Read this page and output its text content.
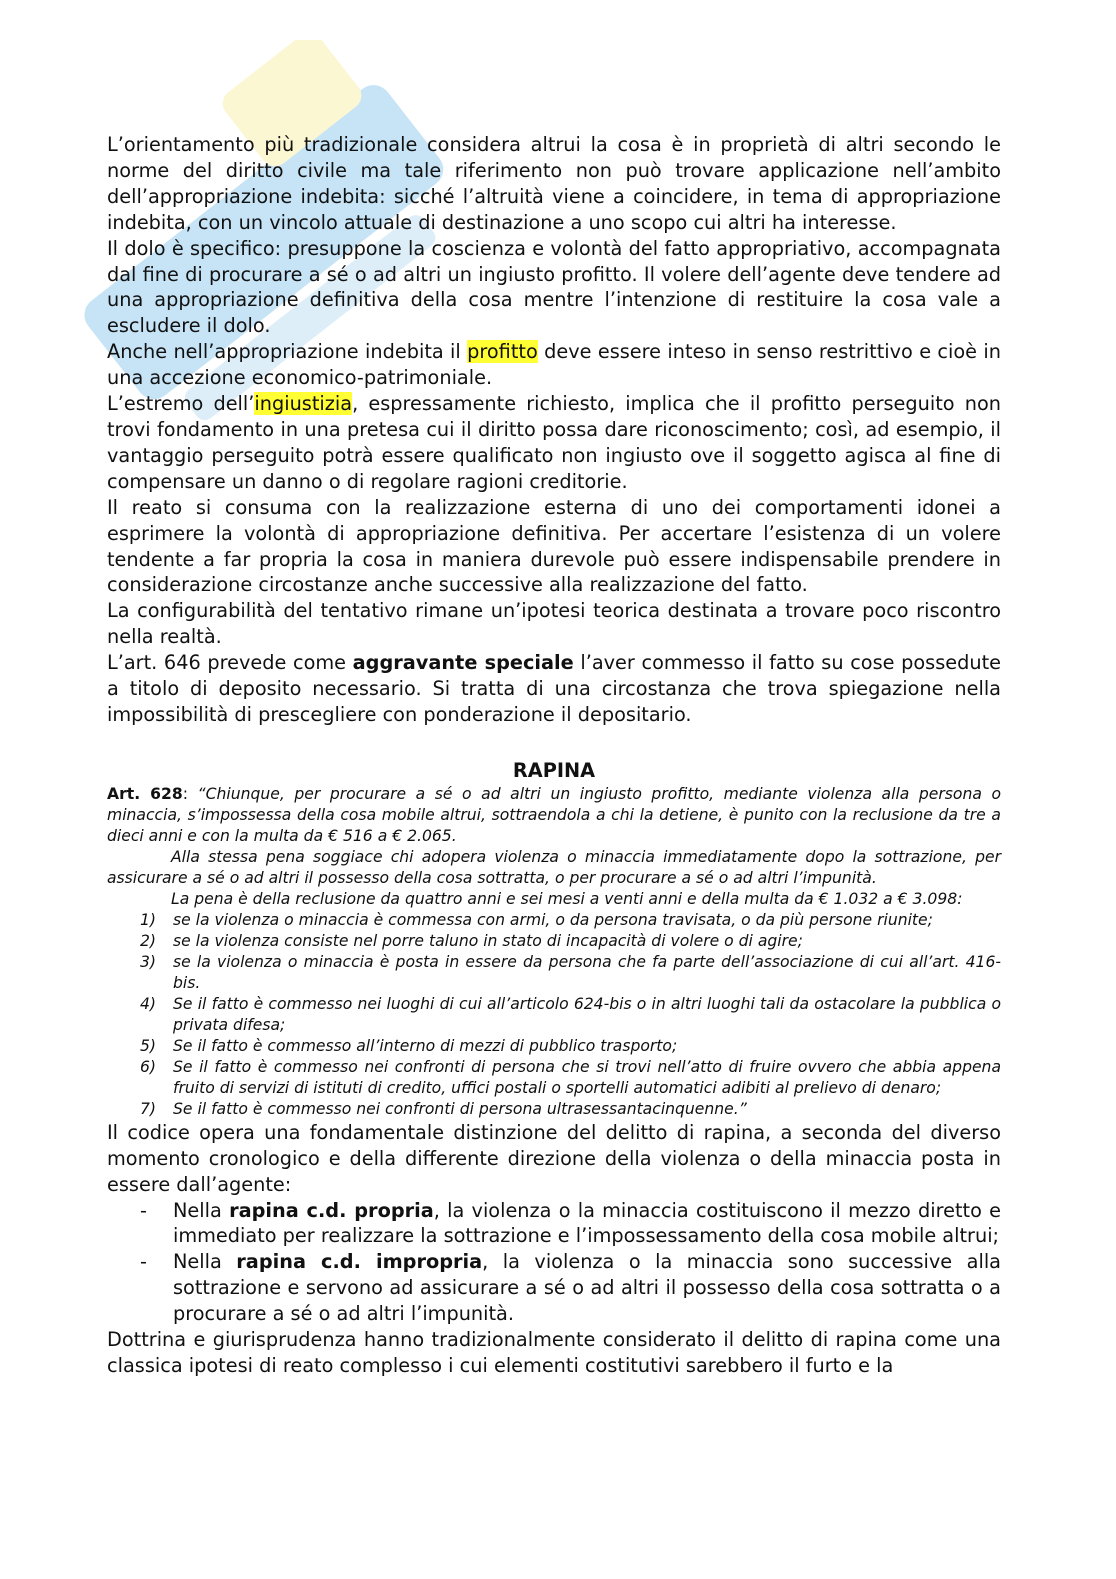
L’orientamento più tradizionale considera altrui la cosa è in proprietà di altri secondo le norme del diritto civile ma tale riferimento non può trovare applicazione nell’ambito dell’appropriazione indebita: sicché l’altruità viene a coincidere, in tema di appropriazione indebita, con un vincolo attuale di destinazione a uno scopo cui altri ha interesse.

Il dolo è specifico: presuppone la coscienza e volontà del fatto appropriativo, accompagnata dal fine di procurare a sé o ad altri un ingiusto profitto. Il volere dell’agente deve tendere ad una appropriazione definitiva della cosa mentre l’intenzione di restituire la cosa vale a escludere il dolo.

Anche nell’appropriazione indebita il profitto deve essere inteso in senso restrittivo e cioè in una accezione economico-patrimoniale.

L’estremo dell’ingiustizia, espressamente richiesto, implica che il profitto perseguito non trovi fondamento in una pretesa cui il diritto possa dare riconoscimento; così, ad esempio, il vantaggio perseguito potrà essere qualificato non ingiusto ove il soggetto agisca al fine di compensare un danno o di regolare ragioni creditorie.

Il reato si consuma con la realizzazione esterna di uno dei comportamenti idonei a esprimere la volontà di appropriazione definitiva. Per accertare l’esistenza di un volere tendente a far propria la cosa in maniera durevole può essere indispensabile prendere in considerazione circostanze anche successive alla realizzazione del fatto.

La configurabilità del tentativo rimane un’ipotesi teorica destinata a trovare poco riscontro nella realtà.

L’art. 646 prevede come aggravante speciale l’aver commesso il fatto su cose possedute a titolo di deposito necessario. Si tratta di una circostanza che trova spiegazione nella impossibilità di prescegliere con ponderazione il depositario.

RAPINA

Art. 628: “Chiunque, per procurare a sé o ad altri un ingiusto profitto, mediante violenza alla persona o minaccia, s’impossessa della cosa mobile altrui, sottraendola a chi la detiene, è punito con la reclusione da tre a dieci anni e con la multa da € 516 a € 2.065.

Alla stessa pena soggiace chi adopera violenza o minaccia immediatamente dopo la sottrazione, per assicurare a sé o ad altri il possesso della cosa sottratta, o per procurare a sé o ad altri l’impunità.

La pena è della reclusione da quattro anni e sei mesi a venti anni e della multa da € 1.032 a € 3.098:

1) se la violenza o minaccia è commessa con armi, o da persona travisata, o da più persone riunite;
2) se la violenza consiste nel porre taluno in stato di incapacità di volere o di agire;
3) se la violenza o minaccia è posta in essere da persona che fa parte dell’associazione di cui all’art. 416-bis.
4) Se il fatto è commesso nei luoghi di cui all’articolo 624-bis o in altri luoghi tali da ostacolare la pubblica o privata difesa;
5) Se il fatto è commesso all’interno di mezzi di pubblico trasporto;
6) Se il fatto è commesso nei confronti di persona che si trovi nell’atto di fruire ovvero che abbia appena fruito di servizi di istituti di credito, uffici postali o sportelli automatici adibiti al prelievo di denaro;
7) Se il fatto è commesso nei confronti di persona ultrasessantacinquenne.”

Il codice opera una fondamentale distinzione del delitto di rapina, a seconda del diverso momento cronologico e della differente direzione della violenza o della minaccia posta in essere dall’agente:

- Nella rapina c.d. propria, la violenza o la minaccia costituiscono il mezzo diretto e immediato per realizzare la sottrazione e l’impossessamento della cosa mobile altrui;
- Nella rapina c.d. impropria, la violenza o la minaccia sono successive alla sottrazione e servono ad assicurare a sé o ad altri il possesso della cosa sottratta o a procurare a sé o ad altri l’impunità.

Dottrina e giurisprudenza hanno tradizionalmente considerato il delitto di rapina come una classica ipotesi di reato complesso i cui elementi costitutivi sarebbero il furto e la
